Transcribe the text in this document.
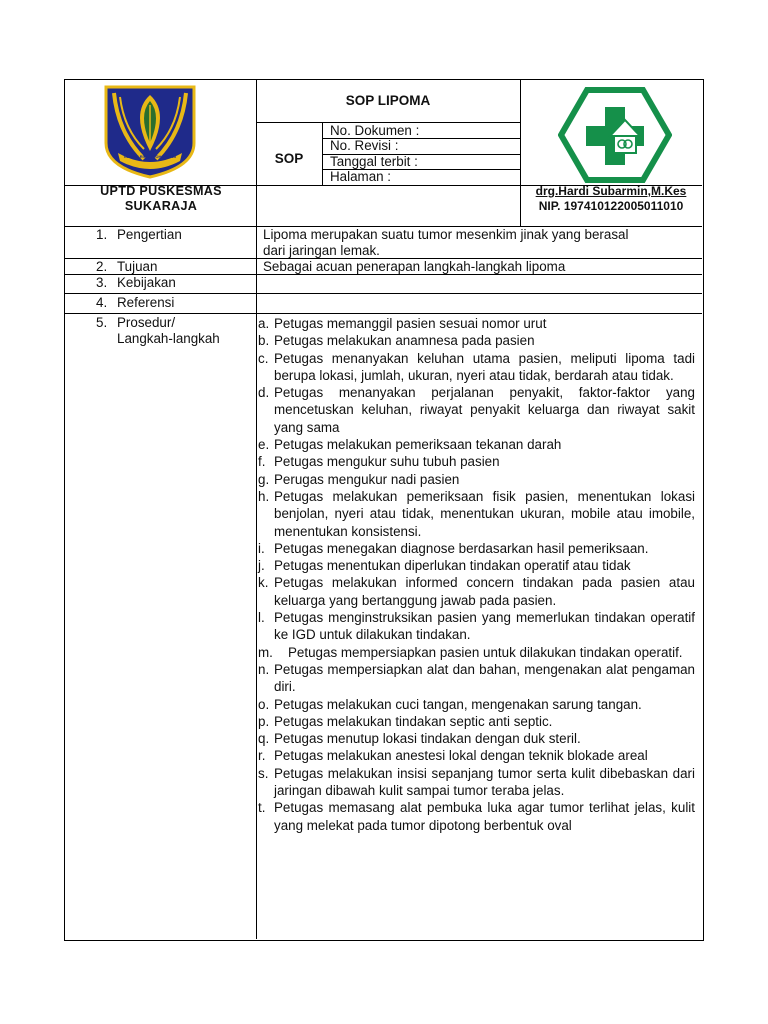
GEMAH RIPAH LOH JINAWI
SOP LIPOMA
SOP
No. Dokumen :
No. Revisi :
Tanggal terbit :
Halaman :
UPTD PUSKESMAS
SUKARAJA
drg.Hardi Subarmin,M.Kes
NIP. 197410122005011010
1. Pengertian	Lipoma merupakan suatu tumor mesenkim jinak yang berasal
dari jaringan lemak.
2. Tujuan	Sebagai acuan penerapan langkah-langkah lipoma
3. Kebijakan
4. Referensi
5. Prosedur/
Langkah-langkah
a. Petugas memanggil pasien sesuai nomor urut
b. Petugas melakukan anamnesa pada pasien
c. Petugas menanyakan keluhan utama pasien, meliputi lipoma tadi berupa lokasi, jumlah, ukuran, nyeri atau tidak, berdarah atau tidak.
d. Petugas menanyakan perjalanan penyakit, faktor-faktor yang mencetuskan keluhan, riwayat penyakit keluarga dan riwayat sakit yang sama
e. Petugas melakukan pemeriksaan tekanan darah
f. Petugas mengukur suhu tubuh pasien
g. Perugas mengukur nadi pasien
h. Petugas melakukan pemeriksaan fisik pasien, menentukan lokasi benjolan, nyeri atau tidak, menentukan ukuran, mobile atau imobile, menentukan konsistensi.
i. Petugas menegakan diagnose berdasarkan hasil pemeriksaan.
j. Petugas menentukan diperlukan tindakan operatif atau tidak
k. Petugas melakukan informed concern tindakan pada pasien atau keluarga yang bertanggung jawab pada pasien.
l. Petugas menginstruksikan pasien yang memerlukan tindakan operatif ke IGD untuk dilakukan tindakan.
m. Petugas mempersiapkan pasien untuk dilakukan tindakan operatif.
n. Petugas mempersiapkan alat dan bahan, mengenakan alat pengaman diri.
o. Petugas melakukan cuci tangan, mengenakan sarung tangan.
p. Petugas melakukan tindakan septic anti septic.
q. Petugas menutup lokasi tindakan dengan duk steril.
r. Petugas melakukan anestesi lokal dengan teknik blokade areal
s. Petugas melakukan insisi sepanjang tumor serta kulit dibebaskan dari jaringan dibawah kulit sampai tumor teraba jelas.
t. Petugas memasang alat pembuka luka agar tumor terlihat jelas, kulit yang melekat pada tumor dipotong berbentuk oval
